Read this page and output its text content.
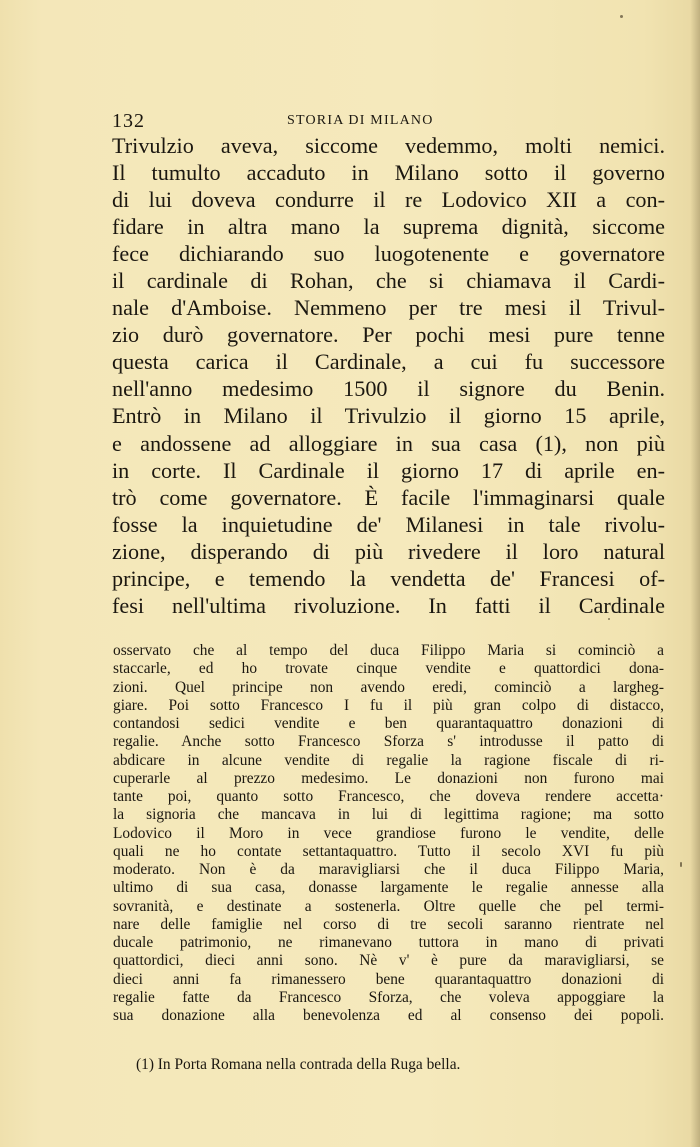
132	STORIA DI MILANO
Trivulzio aveva, siccome vedemmo, molti nemici.
Il tumulto accaduto in Milano sotto il governo
di lui doveva condurre il re Lodovico XII a con-
fidare in altra mano la suprema dignità, siccome
fece dichiarando suo luogotenente e governatore
il cardinale di Rohan, che si chiamava il Cardi-
nale d'Amboise. Nemmeno per tre mesi il Trivul-
zio durò governatore. Per pochi mesi pure tenne
questa carica il Cardinale, a cui fu successore
nell'anno medesimo 1500 il signore du Benin.
Entrò in Milano il Trivulzio il giorno 15 aprile,
e andossene ad alloggiare in sua casa (1), non più
in corte. Il Cardinale il giorno 17 di aprile en-
trò come governatore. È facile l'immaginarsi quale
fosse la inquietudine de' Milanesi in tale rivolu-
zione, disperando di più rivedere il loro natural
principe, e temendo la vendetta de' Francesi of-
fesi nell'ultima rivoluzione. In fatti il Cardinale
osservato che al tempo del duca Filippo Maria si cominciò a
staccarle, ed ho trovate cinque vendite e quattordici dona-
zioni. Quel principe non avendo eredi, cominciò a largheg-
giare. Poi sotto Francesco I fu il più gran colpo di distacco,
contandosi sedici vendite e ben quarantaquattro donazioni di
regalie. Anche sotto Francesco Sforza s' introdusse il patto di
abdicare in alcune vendite di regalie la ragione fiscale di ri-
cuperarle al prezzo medesimo. Le donazioni non furono mai
tante poi, quanto sotto Francesco, che doveva rendere accetta·
la signoria che mancava in lui di legittima ragione; ma sotto
Lodovico il Moro in vece grandiose furono le vendite, delle
quali ne ho contate settantaquattro. Tutto il secolo XVI fu più
moderato. Non è da maravigliarsi che il duca Filippo Maria,
ultimo di sua casa, donasse largamente le regalie annesse alla
sovranità, e destinate a sostenerla. Oltre quelle che pel termi-
nare delle famiglie nel corso di tre secoli saranno rientrate nel
ducale patrimonio, ne rimanevano tuttora in mano di privati
quattordici, dieci anni sono. Nè v' è pure da maravigliarsi, se
dieci anni fa rimanessero bene quarantaquattro donazioni di
regalie fatte da Francesco Sforza, che voleva appoggiare la
sua donazione alla benevolenza ed al consenso dei popoli.
(1) In Porta Romana nella contrada della Ruga bella.
